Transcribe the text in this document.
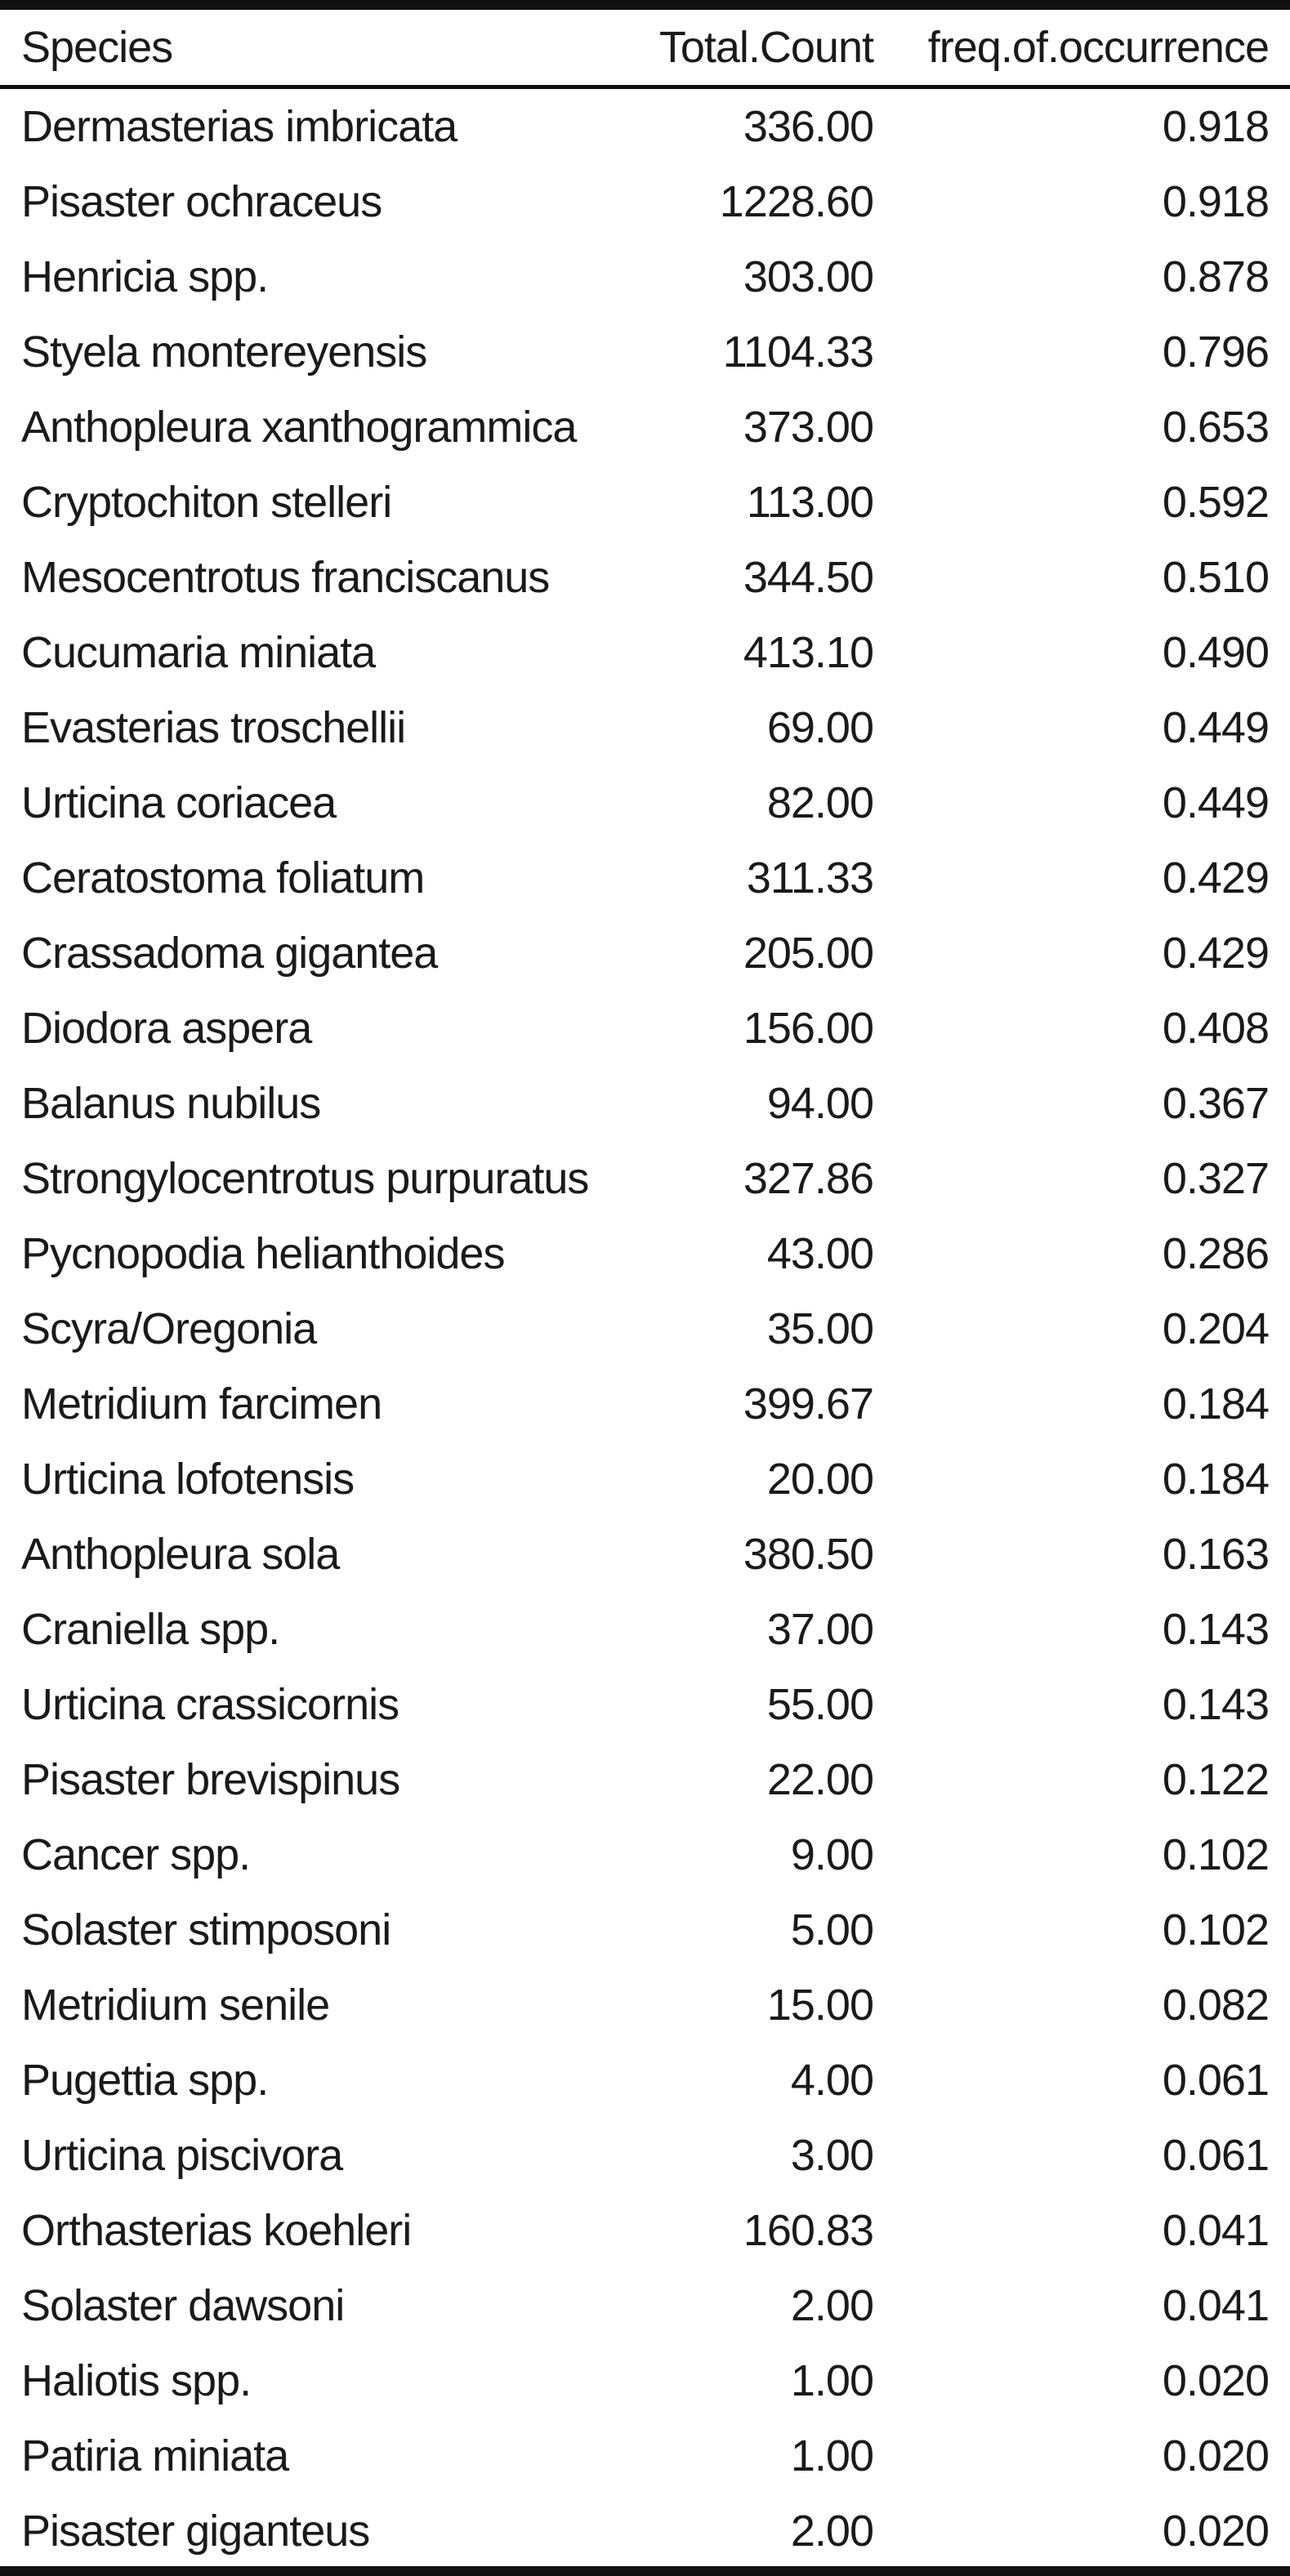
Species	Total.Count freq.of.occurrence
Dermasterias imbricata	336.00	0.918
Pisaster ochraceus	1228.60	0.918
Henricia spp.	303.00	0.878
Styela montereyensis	1104.33	0.796
Anthopleura xanthogrammica	373.00	0.653
Cryptochiton stelleri	113.00	0.592
Mesocentrotus franciscanus	344.50	0.510
Cucumaria miniata	413.10	0.490
Evasterias troschellii	69.00	0.449
Urticina coriacea	82.00	0.449
Ceratostoma foliatum	311.33	0.429
Crassadoma gigantea	205.00	0.429
Diodora aspera	156.00	0.408
Balanus nubilus	94.00	0.367
Strongylocentrotus purpuratus	327.86	0.327
Pycnopodia helianthoides	43.00	0.286
Scyra/Oregonia	35.00	0.204
Metridium farcimen	399.67	0.184
Urticina lofotensis	20.00	0.184
Anthopleura sola	380.50	0.163
Craniella spp.	37.00	0.143
Urticina crassicornis	55.00	0.143
Pisaster brevispinus	22.00	0.122
Cancer spp.	9.00	0.102
Solaster stimposoni	5.00	0.102
Metridium senile	15.00	0.082
Pugettia spp.	4.00	0.061
Urticina piscivora	3.00	0.061
Orthasterias koehleri	160.83	0.041
Solaster dawsoni	2.00	0.041
Haliotis spp.	1.00	0.020
Patiria miniata	1.00	0.020
Pisaster giganteus	2.00	0.020
